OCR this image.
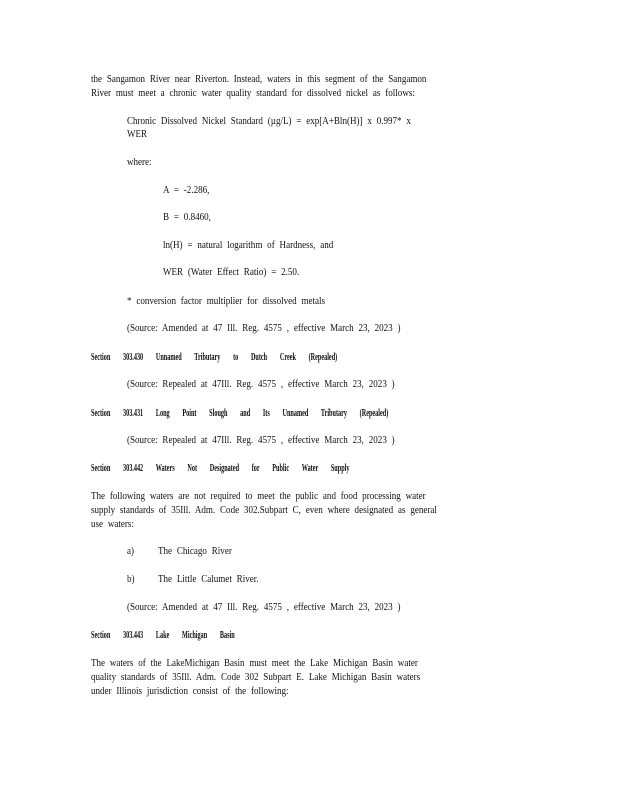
the Sangamon River near Riverton. Instead, waters in this segment of the Sangamon
River must meet a chronic water quality standard for dissolved nickel as follows:
Chronic Dissolved Nickel Standard (µg/L) = exp[A+Bln(H)] x 0.997* x
WER
where:
A = -2.286,
B = 0.8460,
ln(H) = natural logarithm of Hardness, and
WER (Water Effect Ratio) = 2.50.
* conversion factor multiplier for dissolved metals
(Source: Amended at 47 Ill. Reg. 4575 , effective March 23, 2023 )
Section 303.430 Unnamed Tributary to Dutch Creek (Repealed)
(Source: Repealed at 47Ill. Reg. 4575 , effective March 23, 2023 )
Section 303.431 Long Point Slough and Its Unnamed Tributary (Repealed)
(Source: Repealed at 47Ill. Reg. 4575 , effective March 23, 2023 )
Section 303.442 Waters Not Designated for Public Water Supply
The following waters are not required to meet the public and food processing water
supply standards of 35Ill. Adm. Code 302.Subpart C, even where designated as general
use waters:
a) The Chicago River
b) The Little Calumet River.
(Source: Amended at 47 Ill. Reg. 4575 , effective March 23, 2023 )
Section 303.443 Lake Michigan Basin
The waters of the LakeMichigan Basin must meet the Lake Michigan Basin water
quality standards of 35Ill. Adm. Code 302 Subpart E. Lake Michigan Basin waters
under Illinois jurisdiction consist of the following:
